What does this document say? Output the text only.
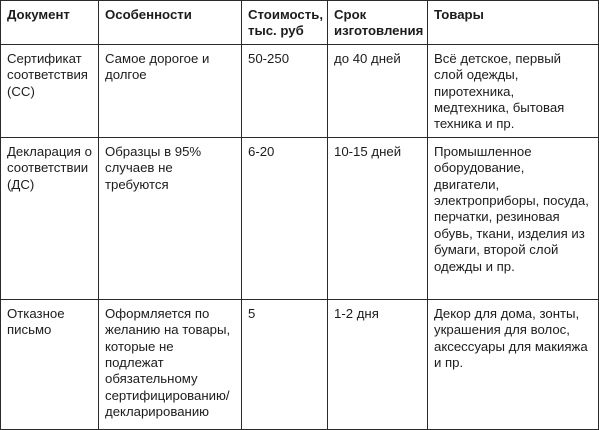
Документ	Особенности	Стоимость, тыс. руб	Срок изготовления	Товары
Сертификат соответствия (СС)	Самое дорогое и долгое	50-250	до 40 дней	Всё детское, первый слой одежды, пиротехника, медтехника, бытовая техника и пр.
Декларация о соответствии (ДС)	Образцы в 95% случаев не требуются	6-20	10-15 дней	Промышленное оборудование, двигатели, электроприборы, посуда, перчатки, резиновая обувь, ткани, изделия из бумаги, второй слой одежды и пр.
Отказное письмо	Оформляется по желанию на товары, которые не подлежат обязательному сертифицированию/ декларированию	5	1-2 дня	Декор для дома, зонты, украшения для волос, аксессуары для макияжа и пр.
